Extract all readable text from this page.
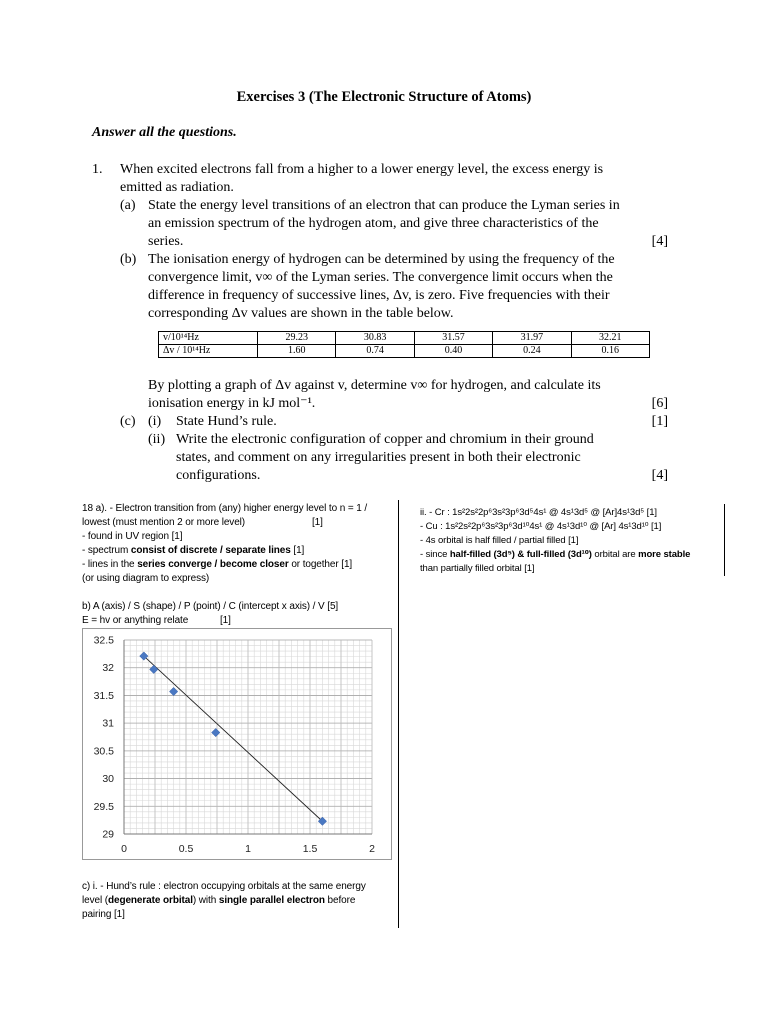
Exercises 3 (The Electronic Structure of Atoms)
Answer all the questions.
1. When excited electrons fall from a higher to a lower energy level, the excess energy is
emitted as radiation.
(a) State the energy level transitions of an electron that can produce the Lyman series in
an emission spectrum of the hydrogen atom, and give three characteristics of the
series.	[4]
(b) The ionisation energy of hydrogen can be determined by using the frequency of the
convergence limit, v∞ of the Lyman series. The convergence limit occurs when the
difference in frequency of successive lines, Δv, is zero. Five frequencies with their
corresponding Δv values are shown in the table below.
v/10¹⁴Hz	29.23	30.83	31.57	31.97	32.21
Δv / 10¹⁴Hz	1.60	0.74	0.40	0.24	0.16
By plotting a graph of Δv against v, determine v∞ for hydrogen, and calculate its
ionisation energy in kJ mol⁻¹.	[6]
(c) (i) State Hund’s rule.	[1]
(ii) Write the electronic configuration of copper and chromium in their ground
states, and comment on any irregularities present in both their electronic
configurations.	[4]
18 a). - Electron transition from (any) higher energy level to n = 1 /
lowest (must mention 2 or more level)	[1]
- found in UV region [1]
- spectrum consist of discrete / separate lines [1]
- lines in the series converge / become closer or together [1]
(or using diagram to express)
b) A (axis) / S (shape) / P (point) / C (intercept x axis) / V [5]
E = hv or anything relate	[1]
29
29.5
30
30.5
31
31.5
32
32.5
0	0.5	1	1.5	2
c) i. - Hund’s rule : electron occupying orbitals at the same energy
level (degenerate orbital) with single parallel electron before
pairing [1]
ii. - Cr : 1s²2s²2p⁶3s²3p⁶3d⁵4s¹ @ 4s¹3d⁵ @ [Ar]4s¹3d⁵ [1]
- Cu : 1s²2s²2p⁶3s²3p⁶3d¹⁰4s¹ @ 4s¹3d¹⁰ @ [Ar] 4s¹3d¹⁰ [1]
- 4s orbital is half filled / partial filled [1]
- since half-filled (3d⁵) & full-filled (3d¹⁰) orbital are more stable
than partially filled orbital [1]
